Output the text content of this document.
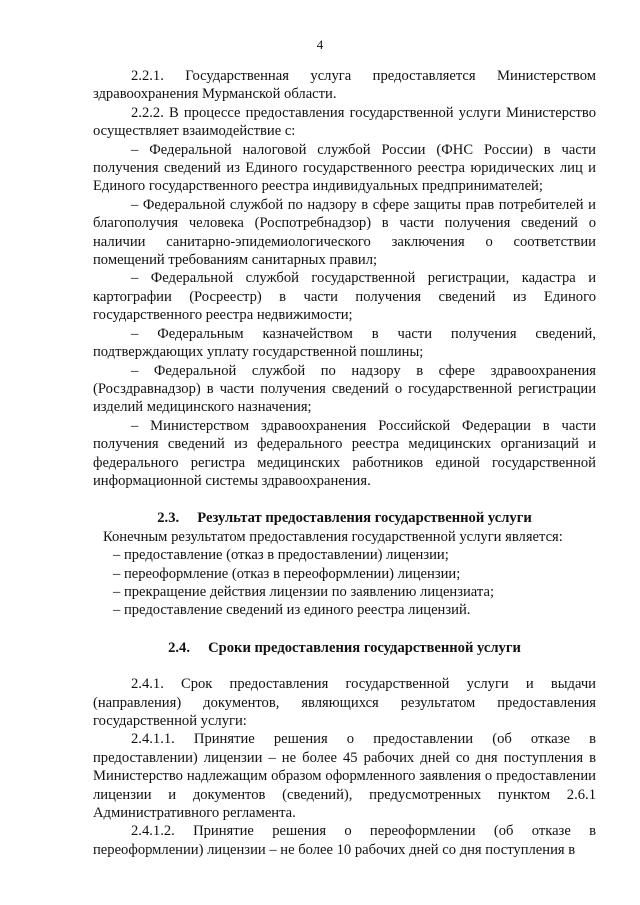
4

2.2.1. Государственная услуга предоставляется Министерством здравоохранения Мурманской области.

2.2.2. В процессе предоставления государственной услуги Министерство осуществляет взаимодействие с:

– Федеральной налоговой службой России (ФНС России) в части получения сведений из Единого государственного реестра юридических лиц и Единого государственного реестра индивидуальных предпринимателей;

– Федеральной службой по надзору в сфере защиты прав потребителей и благополучия человека (Роспотребнадзор) в части получения сведений о наличии санитарно-эпидемиологического заключения о соответствии помещений требованиям санитарных правил;

– Федеральной службой государственной регистрации, кадастра и картографии (Росреестр) в части получения сведений из Единого государственного реестра недвижимости;

– Федеральным казначейством в части получения сведений, подтверждающих уплату государственной пошлины;

– Федеральной службой по надзору в сфере здравоохранения (Росздравнадзор) в части получения сведений о государственной регистрации изделий медицинского назначения;

– Министерством здравоохранения Российской Федерации в части получения сведений из федерального реестра медицинских организаций и федерального регистра медицинских работников единой государственной информационной системы здравоохранения.

2.3. Результат предоставления государственной услуги

Конечным результатом предоставления государственной услуги является:

– предоставление (отказ в предоставлении) лицензии;

– переоформление (отказ в переоформлении) лицензии;

– прекращение действия лицензии по заявлению лицензиата;

– предоставление сведений из единого реестра лицензий.

2.4. Сроки предоставления государственной услуги

2.4.1. Срок предоставления государственной услуги и выдачи (направления) документов, являющихся результатом предоставления государственной услуги:

2.4.1.1. Принятие решения о предоставлении (об отказе в предоставлении) лицензии – не более 45 рабочих дней со дня поступления в Министерство надлежащим образом оформленного заявления о предоставлении лицензии и документов (сведений), предусмотренных пунктом 2.6.1 Административного регламента.

2.4.1.2. Принятие решения о переоформлении (об отказе в переоформлении) лицензии – не более 10 рабочих дней со дня поступления в
